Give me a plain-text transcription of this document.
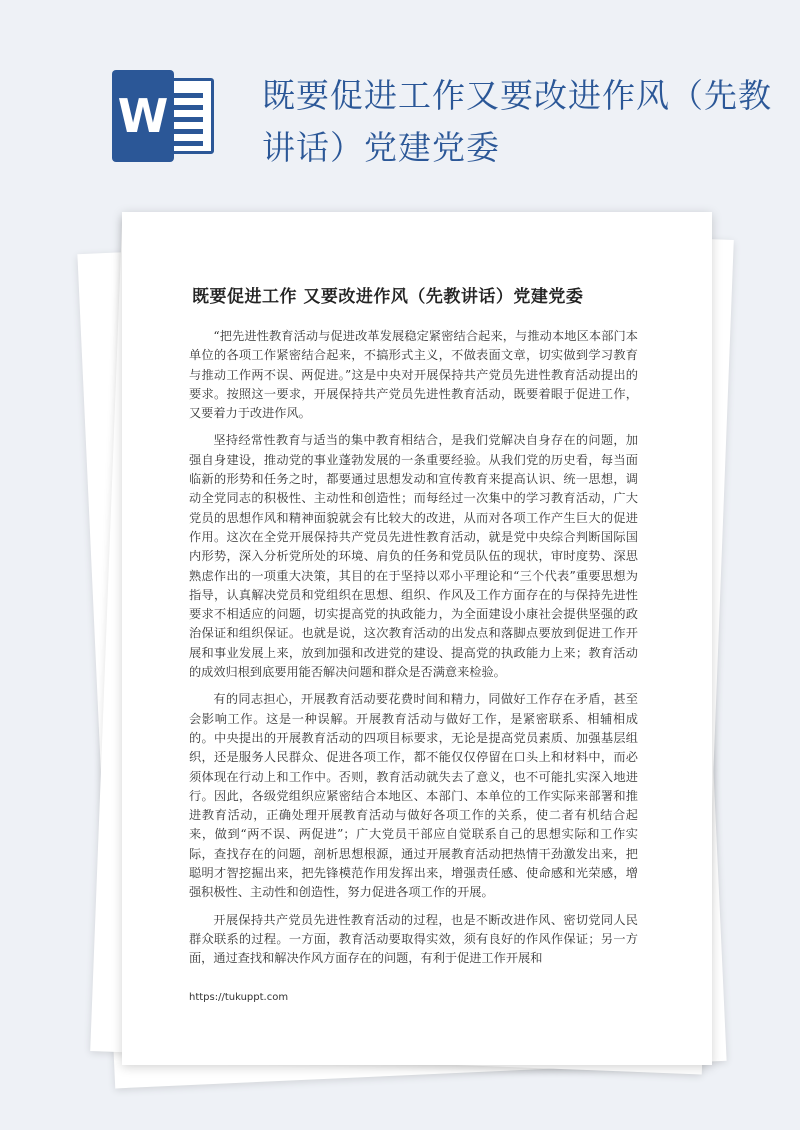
W	既要促进工作又要改进作风（先教讲话）党建党委
既要促进工作 又要改进作风（先教讲话）党建党委

“把先进性教育活动与促进改革发展稳定紧密结合起来，与推动本地区本部门本单位的各项工作紧密结合起来，不搞形式主义，不做表面文章，切实做到学习教育与推动工作两不误、两促进。”这是中央对开展保持共产党员先进性教育活动提出的要求。按照这一要求，开展保持共产党员先进性教育活动，既要着眼于促进工作，又要着力于改进作风。

坚持经常性教育与适当的集中教育相结合，是我们党解决自身存在的问题，加强自身建设，推动党的事业蓬勃发展的一条重要经验。从我们党的历史看，每当面临新的形势和任务之时，都要通过思想发动和宣传教育来提高认识、统一思想，调动全党同志的积极性、主动性和创造性；而每经过一次集中的学习教育活动，广大党员的思想作风和精神面貌就会有比较大的改进，从而对各项工作产生巨大的促进作用。这次在全党开展保持共产党员先进性教育活动，就是党中央综合判断国际国内形势，深入分析党所处的环境、肩负的任务和党员队伍的现状，审时度势、深思熟虑作出的一项重大决策，其目的在于坚持以邓小平理论和“三个代表”重要思想为指导，认真解决党员和党组织在思想、组织、作风及工作方面存在的与保持先进性要求不相适应的问题，切实提高党的执政能力，为全面建设小康社会提供坚强的政治保证和组织保证。也就是说，这次教育活动的出发点和落脚点要放到促进工作开展和事业发展上来，放到加强和改进党的建设、提高党的执政能力上来；教育活动的成效归根到底要用能否解决问题和群众是否满意来检验。

有的同志担心，开展教育活动要花费时间和精力，同做好工作存在矛盾，甚至会影响工作。这是一种误解。开展教育活动与做好工作，是紧密联系、相辅相成的。中央提出的开展教育活动的四项目标要求，无论是提高党员素质、加强基层组织，还是服务人民群众、促进各项工作，都不能仅仅停留在口头上和材料中，而必须体现在行动上和工作中。否则，教育活动就失去了意义，也不可能扎实深入地进行。因此，各级党组织应紧密结合本地区、本部门、本单位的工作实际来部署和推进教育活动，正确处理开展教育活动与做好各项工作的关系，使二者有机结合起来，做到“两不误、两促进”；广大党员干部应自觉联系自己的思想实际和工作实际，查找存在的问题，剖析思想根源，通过开展教育活动把热情干劲激发出来，把聪明才智挖掘出来，把先锋模范作用发挥出来，增强责任感、使命感和光荣感，增强积极性、主动性和创造性，努力促进各项工作的开展。

开展保持共产党员先进性教育活动的过程，也是不断改进作风、密切党同人民群众联系的过程。一方面，教育活动要取得实效，须有良好的作风作保证；另一方面，通过查找和解决作风方面存在的问题，有利于促进工作开展和

https://tukuppt.com
